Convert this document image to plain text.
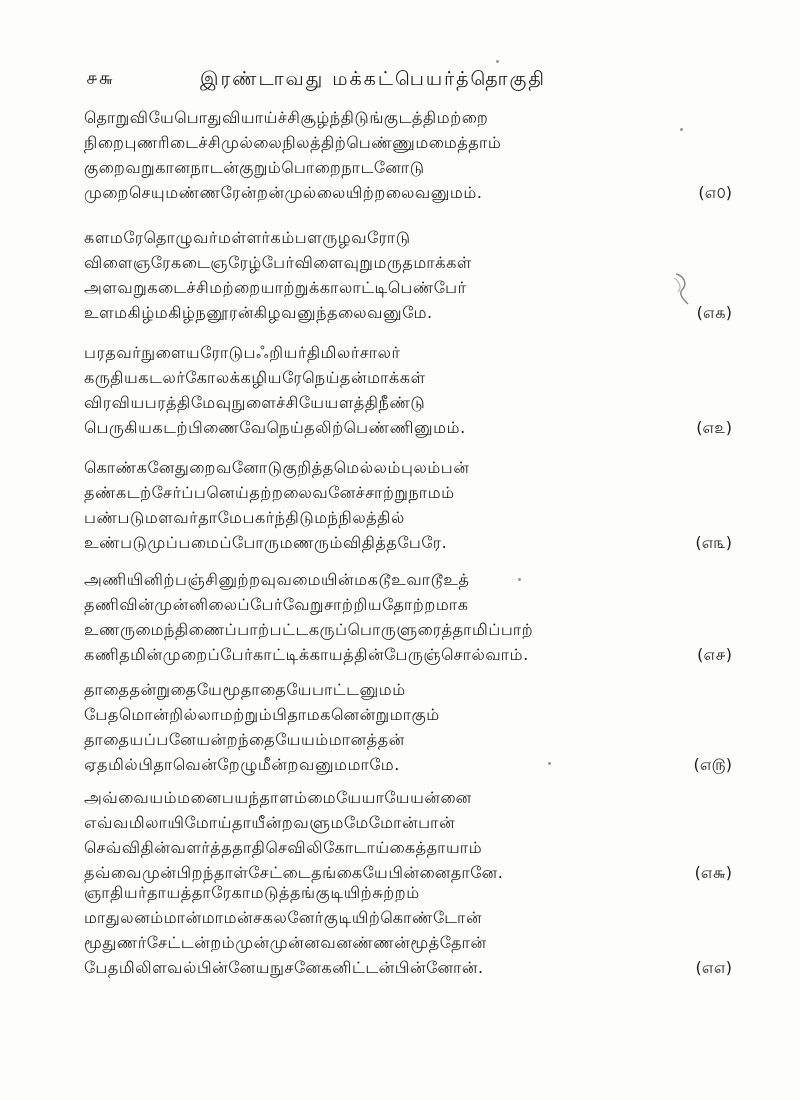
௪௬	இரண்டாவது மக்கட்பெயர்த்தொகுதி
தொறுவியேபொதுவியாய்ச்சிசூழ்ந்திடுங்குடத்திமற்றை
நிறைபுணரிடைச்சிமுல்லைநிலத்திற்பெண்ணுமமைத்தாம்
குறைவறுகானநாடன்குறும்பொறைநாடனோடு
முறைசெயுமண்ணரேன்றன்முல்லையிற்றலைவனுமம்.	(௭௦)
களமரேதொழுவர்மள்ளர்கம்பளருழவரோடு
விளைஞரேகடைஞரேழ்பேர்விளைவுறுமருதமாக்கள்
அளவறுகடைச்சிமற்றையாற்றுக்காலாட்டிபெண்பேர்
உளமகிழ்மகிழ்நனூரன்கிழவனுந்தலைவனுமே.	(௭௧)
பரதவர்நுளையரோடுபஃறியர்திமிலர்சாலர்
கருதியகடலர்கோலக்கழியரேநெய்தன்மாக்கள்
விரவியபரத்திமேவுநுளைச்சியேயளத்திநீண்டு
பெருகியகடற்பிணைவேநெய்தலிற்பெண்ணினுமம்.	(௭௨)
கொண்கனேதுறைவனோடுகுறித்தமெல்லம்புலம்பன்
தண்கடற்சேர்ப்பனெய்தற்றலைவனேச்சாற்றுநாமம்
பண்படுமளவர்தாமேபகர்ந்திடுமந்நிலத்தில்
உண்படுமுப்பமைப்போருமணரும்விதித்தபேரே.	(௭௩)
அணியினிற்பஞ்சினுற்றவுவமையின்மகடூஉவாடூஉத்
தணிவின்முன்னிலைப்பேர்வேறுசாற்றியதோற்றமாக
உணருமைந்திணைப்பாற்பட்டகருப்பொருளுரைத்தாமிப்பாற்
கணிதமின்முறைப்பேர்காட்டிக்காயத்தின்பேருஞ்சொல்வாம்.	(௭௪)
தாதைதன்றுதையேமூதாதையேபாட்டனுமம்
பேதமொன்றில்லாமற்றும்பிதாமகனென்றுமாகும்
தாதையப்பனேயன்றந்தையேயம்மானத்தன்
ஏதமில்பிதாவென்றேழுமீன்றவனுமமாமே.	(௭௫)
அவ்வையம்மனைபயந்தாளம்மையேயாயேயன்னை
எவ்வமிலாயிமோய்தாயீன்றவளுமமேமோன்பான்
செவ்விதின்வளர்த்ததாதிசெவிலிகோடாய்கைத்தாயாம்
தவ்வைமுன்பிறந்தாள்சேட்டைதங்கையேபின்னைதானே.	(௭௬)
ஞாதியர்தாயத்தாரேகாமடுத்தங்குடியிற்சுற்றம்
மாதுலனம்மான்மாமன்சகலனேர்குடியிற்கொண்டோன்
மூதுணர்சேட்டன்றம்முன்முன்னவனண்ணன்மூத்தோன்
பேதமிலிளவல்பின்னேயநுசனேகனிட்டன்பின்னோன்.	(௭௭)
